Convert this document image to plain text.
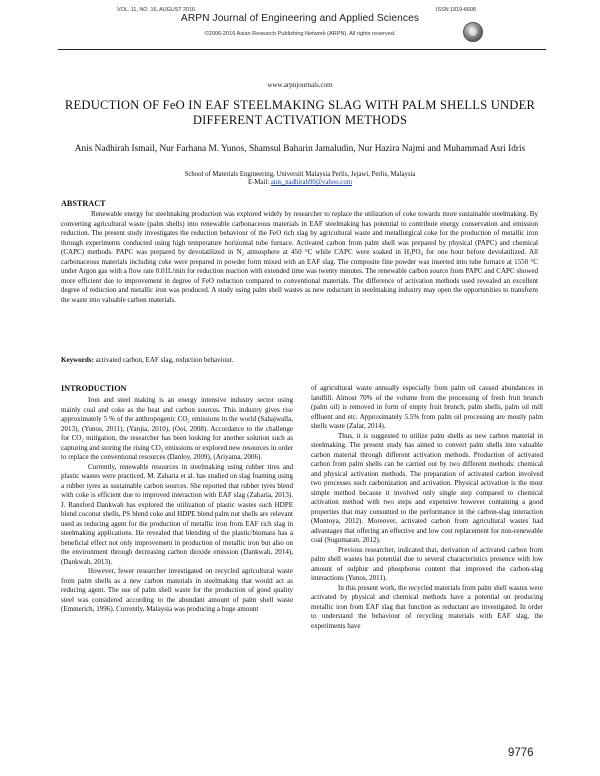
VOL. 11, NO. 16, AUGUST 2016	ISSN 1819-6608
ARPN Journal of Engineering and Applied Sciences
©2006-2016 Asian Research Publishing Network (ARPN). All rights reserved.
www.arpnjournals.com
REDUCTION OF FeO IN EAF STEELMAKING SLAG WITH PALM SHELLS UNDER DIFFERENT ACTIVATION METHODS
Anis Nadhirah Ismail, Nur Farhana M. Yunos, Shamsul Baharin Jamaludin, Nur Hazira Najmi and Muhammad Asri Idris
School of Materials Engineering, Universiti Malaysia Perlis, Jejawi, Perlis, Malaysia
E-Mail: anis_nadhirah90@yahoo.com
ABSTRACT

Renewable energy for steelmaking production was explored widely by researcher to replace the utilization of coke towards more sustainable steelmaking. By converting agricultural waste (palm shells) into renewable carbonaceous materials in EAF steelmaking has potential to contribute energy conservation and emission reduction. The present study investigates the reduction behaviour of the FeO rich slag by agricultural waste and metallurgical coke for the production of metallic iron through experiments conducted using high temperature horizontal tube furnace. Activated carbon from palm shell was prepared by physical (PAPC) and chemical (CAPC) methods. PAPC was prepared by devolatilized in N₂ atmosphere at 450 °C while CAPC were soaked in H₃PO₄ for one hour before devolatilized. All carbonaceous materials including coke were prepared in powder form mixed with an EAF slag. The composite fine powder was inserted into tube furnace at 1550 °C under Argon gas with a flow rate 0.01L/min for reduction reaction with extended time was twenty minutes. The renewable carbon source from PAPC and CAPC showed more efficient due to improvement in degree of FeO reduction compared to conventional materials. The difference of activation methods used revealed an excellent degree of reduction and metallic iron was produced. A study using palm shell wastes as new reductant in steelmaking industry may open the opportunities to transform the waste into valuable carbon materials.

Keywords: activated carbon, EAF slag, reduction behaviour.

INTRODUCTION

Iron and steel making is an energy intensive industry sector using mainly coal and coke as the heat and carbon sources. This industry gives rise approximately 5 % of the anthropogenic CO₂ emissions in the world (Sahajwalla, 2013), (Yunos, 2011), (Yanjia, 2010), (Ooi, 2008). Accordance to the challenge for CO₂ mitigation, the researcher has been looking for another solution such as capturing and storing the rising CO₂ emissions or explored new resources in order to replace the conventional resources (Danloy, 2009), (Ariyama, 2006).

Currently, renewable resources in steelmaking using rubber tires and plastic wastes were practiced. M. Zaharia et al. has studied on slag foaming using a rubber tyres as sustainable carbon sources. She reported that rubber tyres blend with coke is efficient due to improved interaction with EAF slag (Zaharia, 2013). J. Ransford Dankwah has explored the utilization of plastic wastes such HDPE blend coconut shells, PS blend coke and HDPE blend palm nut shells are relevant used as reducing agent for the production of metallic iron from EAF rich slag in steelmaking applications. He revealed that blending of the plastic/biomass has a beneficial effect not only improvement in production of metallic iron but also on the environment through decreasing carbon dioxide emission (Dankwah, 2014), (Dankwah, 2013).

However, fewer researcher investigated on recycled agricultural waste from palm shells as a new carbon materials in steelmaking that would act as reducing agent. The use of palm shell waste for the production of good quality steel was considered according to the abundant amount of palm shell waste (Emmerich, 1996). Currently, Malaysia was producing a huge amount

of agricultural waste annually especially from palm oil caused abundances in landfill. Almost 70% of the volume from the processing of fresh fruit brunch (palm oil) is removed in form of empty fruit brunch, palm shells, palm oil mill effluent and etc. Approximately 5.5% from palm oil processing are mostly palm shells waste (Zafar, 2014).

Thus, it is suggested to utilize palm shells as new carbon material in steelmaking. The present study has aimed to convert palm shells into valuable carbon material through different activation methods. Production of activated carbon from palm shells can be carried out by two different methods: chemical and physical activation methods. The preparation of activated carbon involved two processes such carbonization and activation. Physical activation is the most simple method because it involved only single step compared to chemical activation method with two steps and expensive however containing a good properties that may consumed to the performance in the carbon-slag interaction (Montoya, 2012). Moreover, activated carbon from agricultural wastes had advantages that offering an effective and low cost replacement for non-renewable coal (Sugumaran, 2012).

Previous researcher, indicated that, derivation of activated carbon from palm shell wastes has potential due to several characteristics presence with low amount of sulphur and phosphorus content that improved the carbon-slag interactions (Yunos, 2011).

In this present work, the recycled materials from palm shell wastes were activated by physical and chemical methods have a potential on producing metallic iron from EAF slag that function as reductant are investigated. In order to understand the behaviour of recycling materials with EAF slag, the experiments have

9776
